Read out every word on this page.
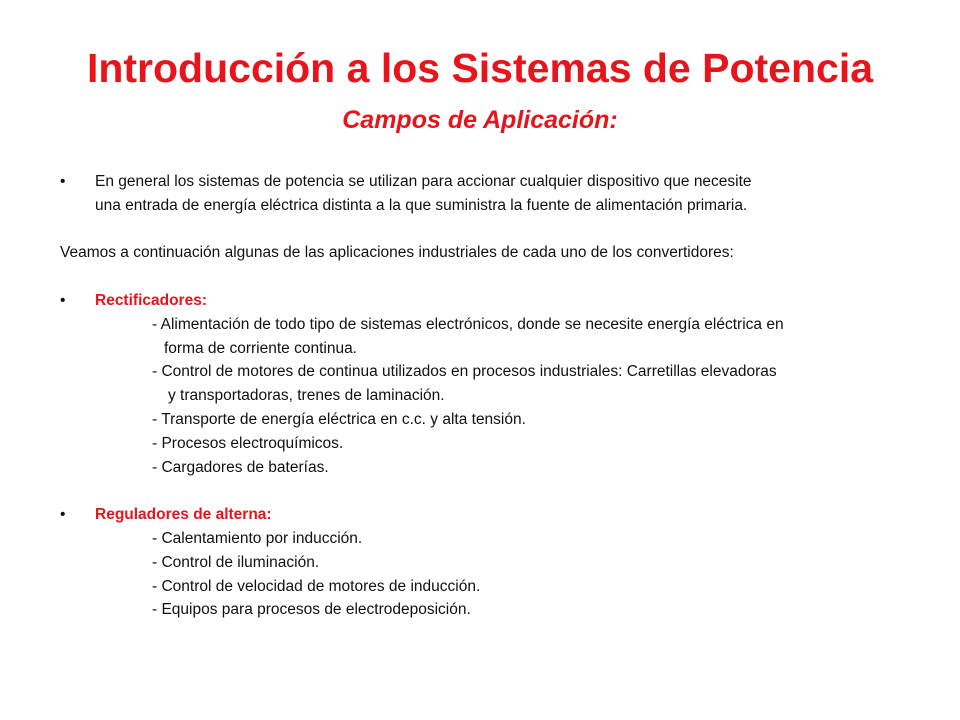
Introducción a los Sistemas de Potencia
Campos de Aplicación:
•	En general los sistemas de potencia se utilizan para accionar cualquier dispositivo que necesite
una entrada de energía eléctrica distinta a la que suministra la fuente de alimentación primaria.

Veamos a continuación algunas de las aplicaciones industriales de cada uno de los convertidores:

•	Rectificadores:
- Alimentación de todo tipo de sistemas electrónicos, donde se necesite energía eléctrica en
forma de corriente continua.
- Control de motores de continua utilizados en procesos industriales: Carretillas elevadoras
y transportadoras, trenes de laminación.
- Transporte de energía eléctrica en c.c. y alta tensión.
- Procesos electroquímicos.
- Cargadores de baterías.
•	Reguladores de alterna:
- Calentamiento por inducción.
- Control de iluminación.
- Control de velocidad de motores de inducción.
- Equipos para procesos de electrodeposición.
